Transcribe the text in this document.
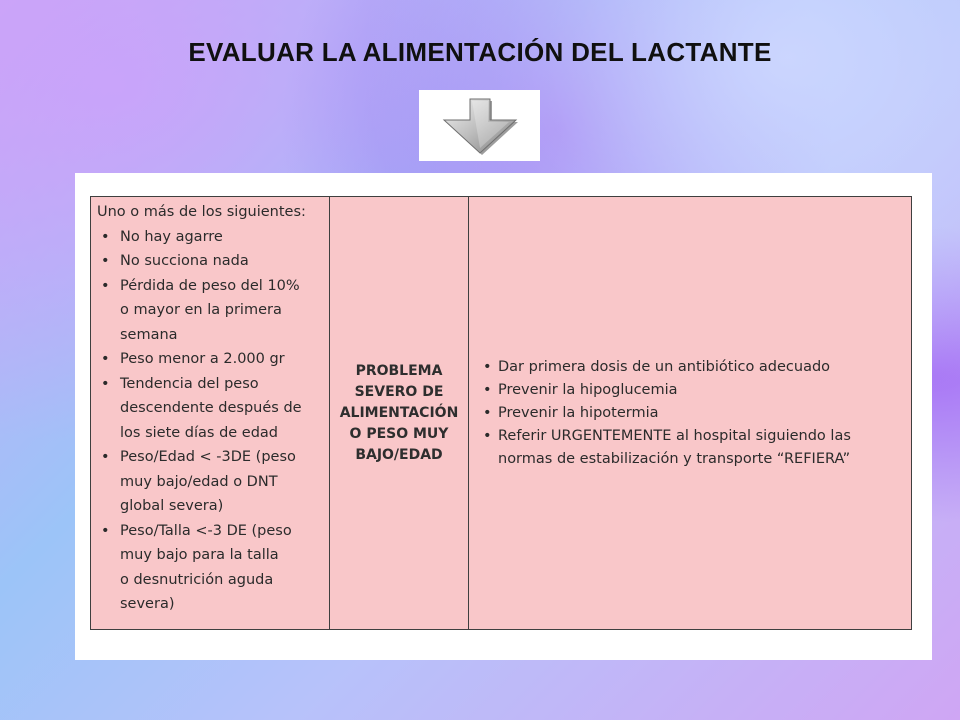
EVALUAR LA ALIMENTACIÓN DEL LACTANTE
Uno o más de los siguientes:
• No hay agarre
• No succiona nada
• Pérdida de peso del 10%
o mayor en la primera
semana
• Peso menor a 2.000 gr
• Tendencia del peso
descendente después de
los siete días de edad
• Peso/Edad < -3DE (peso
muy bajo/edad o DNT
global severa)
• Peso/Talla <-3 DE (peso
muy bajo para la talla
o desnutrición aguda
severa)

PROBLEMA
SEVERO DE
ALIMENTACIÓN
O PESO MUY
BAJO/EDAD

• Dar primera dosis de un antibiótico adecuado
• Prevenir la hipoglucemia
• Prevenir la hipotermia
• Referir URGENTEMENTE al hospital siguiendo las
normas de estabilización y transporte “REFIERA”
